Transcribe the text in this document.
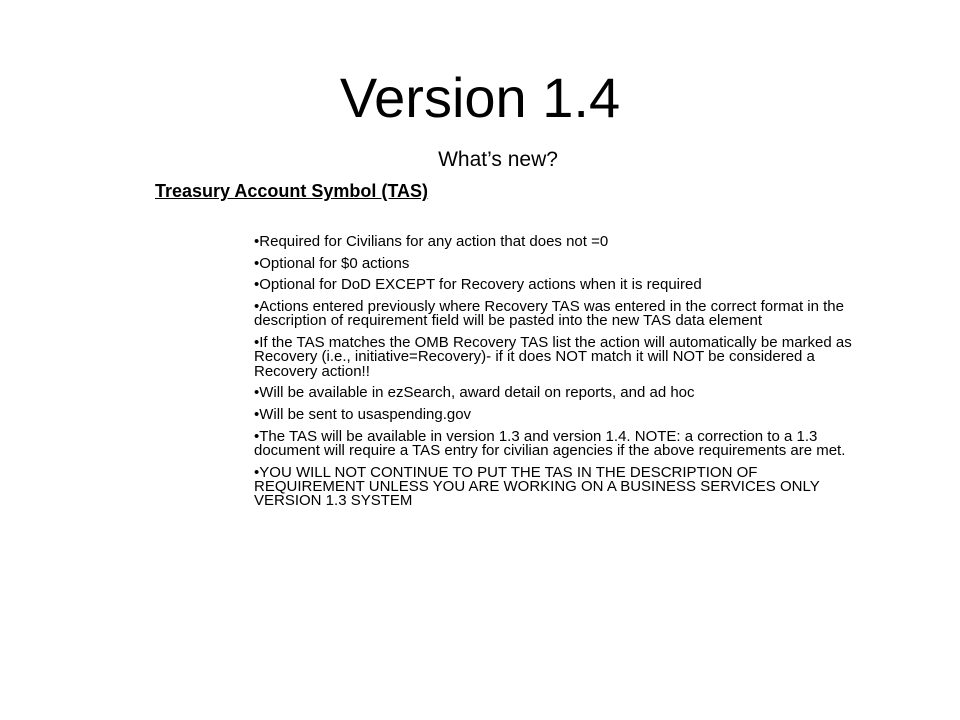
Version 1.4

What’s new?

Treasury Account Symbol (TAS)

•Required for Civilians for any action that does not =0
•Optional for $0 actions
•Optional for DoD EXCEPT for Recovery actions when it is required
•Actions entered previously where Recovery TAS was entered in the correct format in the description of requirement field will be pasted into the new TAS data element
•If the TAS matches the OMB Recovery TAS list the action will automatically be marked as Recovery (i.e., initiative=Recovery)- if it does NOT match it will NOT be considered a Recovery action!!
•Will be available in ezSearch, award detail on reports, and ad hoc
•Will be sent to usaspending.gov
•The TAS will be available in version 1.3 and version 1.4. NOTE: a correction to a 1.3 document will require a TAS entry for civilian agencies if the above requirements are met.
•YOU WILL NOT CONTINUE TO PUT THE TAS IN THE DESCRIPTION OF REQUIREMENT UNLESS YOU ARE WORKING ON A BUSINESS SERVICES ONLY VERSION 1.3 SYSTEM
